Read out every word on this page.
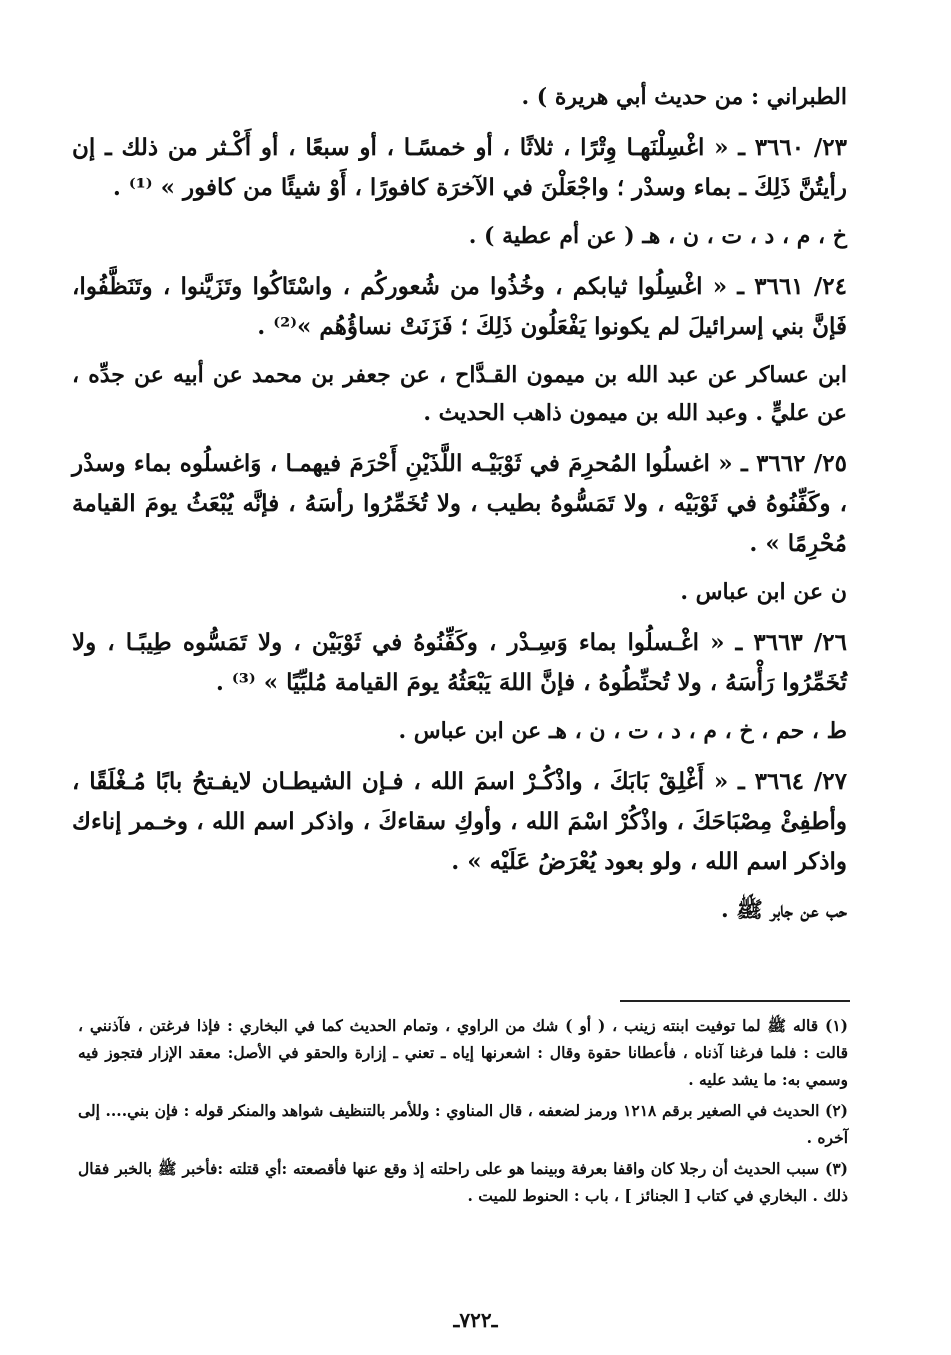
الطبراني : من حديث أبي هريرة ) .

٢٣/ ٣٦٦٠ ـ « اغْسِلْنَهـا وِتْرًا ، ثلاثًا ، أو خمسًـا ، أو سبعًا ، أو أَكْـثر من ذلك ـ إن رأيتُنَّ ذَلِكَ ـ بماء وسدْر ؛ واجْعَلْنَ في الآخرَة كافورًا ، أَوْ شيئًا من كافور » ⁽¹⁾ .

خ ، م ، د ، ت ، ن ، هـ ( عن أم عطية ) .

٢٤/ ٣٦٦١ ـ « اغْسِلُوا ثيابكم ، وخُذُوا من شُعوركُم ، واسْتَاكُوا وتَزَيَّنوا ، وتَنَظَّفُوا، فَإنَّ بني إسرائيلَ لم يكونوا يَفْعَلُون ذَلِكَ ؛ فَزَنَتْ نساؤُهُم »⁽²⁾ .

ابن عساكر عن عبد الله بن ميمون القـدَّاح ، عن جعفر بن محمد عن أبيه عن جدِّه ، عن عليٍّ . وعبد الله بن ميمون ذاهب الحديث .

٢٥/ ٣٦٦٢ ـ « اغسلُوا المُحرِمَ في ثَوْبَيْـه اللَّذَيْنِ أَحْرَمَ فيهمـا ، وَاغسلُوه بماء وسدْر ، وكَفِّنُوهُ في ثَوْبَيْه ، ولا تَمَسُّوهُ بطيب ، ولا تُخَمِّرُوا رأسَهُ ، فإنَّه يُبْعَثُ يومَ القيامة مُحْرِمًا » .

ن عن ابن عباس .

٢٦/ ٣٦٦٣ ـ « اغْـسلُوا بماء وَسِـدْر ، وكَفِّنُوهُ في ثَوْبَيْن ، ولا تَمَسُّوه طِيبًـا ، ولا تُخَمِّرُوا رَأْسَهُ ، ولا تُحنِّطُوهُ ، فإنَّ اللهَ يَبْعَثُهُ يومَ القيامة مُلبِّيًا » ⁽³⁾ .

ط ، حم ، خ ، م ، د ، ت ، ن ، هـ عن ابن عباس .

٢٧/ ٣٦٦٤ ـ « أَغْلِقْ بَابَكَ ، واذْكُـرْ اسمَ الله ، فـإن الشيطـان لايفـتحُ بابًا مُـغْلَقًا ، وأطفِئْ مِصْبَاحَكَ ، واذْكُرْ اسْمَ الله ، وأوكِ سقاءكَ ، واذكر اسم الله ، وخـمر إناءك واذكر اسم الله ، ولو بعود يُعْرَضُ عَلَيْه » .

حب عن جابر ﷺ .

(١) قاله ﷺ لما توفيت ابنته زينب ، ( أو ) شك من الراوي ، وتمام الحديث كما في البخاري : فإذا فرغتن ، فآذنني ، قالت : فلما فرغنا آذناه ، فأعطانا حقوة وقال : اشعرنها إياه ـ تعني ـ إزارة والحقو في الأصل: معقد الإزار فتجوز فيه وسمي به: ما يشد عليه .

(٢) الحديث في الصغير برقم ١٢١٨ ورمز لضعفه ، قال المناوي : وللأمر بالتنظيف شواهد والمنكر قوله : فإن بني.... إلى آخره .

(٣) سبب الحديث أن رجلا كان واقفا بعرفة وبينما هو على راحلته إذ وقع عنها فأقصعته :أي قتلته :فأخبر ﷺ بالخبر فقال ذلك . البخاري في كتاب [ الجنائز ] ، باب : الحنوط للميت .

ـ٧٢٢ـ
